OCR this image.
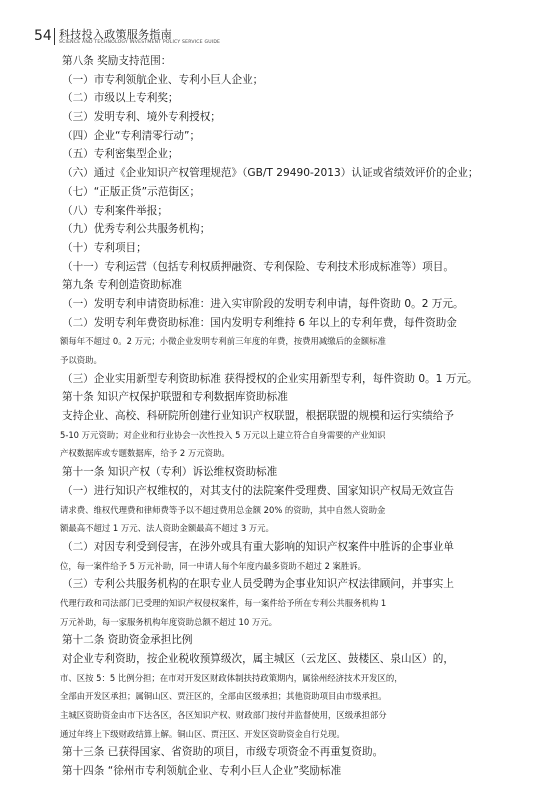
54 科技投入政策服务指南
SCIENCE AND TECHNOLOGY INVESTMENT POLICY SERVICE GUIDE
第八条 奖励支持范围：
（一）市专利领航企业、专利小巨人企业；
（二）市级以上专利奖；
（三）发明专利、境外专利授权；
（四）企业“专利清零行动”；
（五）专利密集型企业；
（六）通过《企业知识产权管理规范》（GB/T 29490-2013）认证或省绩效评价的企业；
（七）“正版正货”示范街区；
（八）专利案件举报；
（九）优秀专利公共服务机构；
（十）专利项目；
（十一）专利运营（包括专利权质押融资、专利保险、专利技术形成标准等）项目。
第九条 专利创造资助标准
（一）发明专利申请资助标准：进入实审阶段的发明专利申请，每件资助 0。2 万元。
（二）发明专利年费资助标准：国内发明专利维持 6 年以上的专利年费，每件资助金
额每年不超过 0。2 万元；小微企业发明专利前三年度的年费，按费用减缴后的金额标准
予以资助。
（三）企业实用新型专利资助标准 获得授权的企业实用新型专利，每件资助 0。1 万元。
第十条 知识产权保护联盟和专利数据库资助标准
支持企业、高校、科研院所创建行业知识产权联盟，根据联盟的规模和运行实绩给予
5-10 万元资助；对企业和行业协会一次性投入 5 万元以上建立符合自身需要的产业知识
产权数据库或专题数据库，给予 2 万元资助。
第十一条 知识产权（专利）诉讼维权资助标准
（一）进行知识产权维权的，对其支付的法院案件受理费、国家知识产权局无效宣告
请求费、维权代理费和律师费等予以不超过费用总金额 20% 的资助，其中自然人资助金
额最高不超过 1 万元、法人资助金额最高不超过 3 万元。
（二）对因专利受到侵害，在涉外或具有重大影响的知识产权案件中胜诉的企事业单
位，每一案件给予 5 万元补助，同一申请人每个年度内最多资助不超过 2 案胜诉。
（三）专利公共服务机构的在职专业人员受聘为企事业知识产权法律顾问，并事实上
代理行政和司法部门已受理的知识产权侵权案件，每一案件给予所在专利公共服务机构 1
万元补助，每一家服务机构年度资助总额不超过 10 万元。
第十二条 资助资金承担比例
对企业专利资助，按企业税收预算级次，属主城区（云龙区、鼓楼区、泉山区）的，
市、区按 5：5 比例分担；在市对开发区财政体制扶持政策期内，属徐州经济技术开发区的，
全部由开发区承担；属铜山区、贾汪区的，全部由区级承担；其他资助项目由市级承担。
主城区资助资金由市下达各区，各区知识产权、财政部门按付并监督使用，区级承担部分
通过年终上下级财政结算上解。铜山区、贾汪区、开发区资助资金自行兑现。
第十三条 已获得国家、省资助的项目，市级专项资金不再重复资助。
第十四条 “徐州市专利领航企业、专利小巨人企业”奖励标准
